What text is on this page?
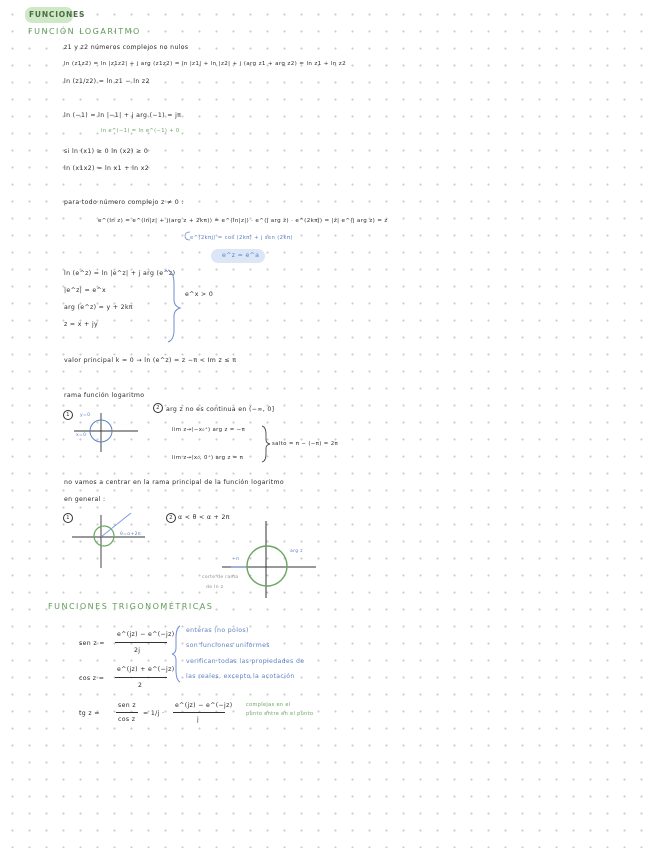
FUNCIONES
FUNCIÓN LOGARITMO
z1 y z2 números complejos no nulos
ln (z1z2) = ln |z1z2| + j arg (z1z2) = ln |z1| + ln |z2| + j (arg z1 + arg z2) = ln z1 + ln z2
ln (z1/z2) = ln z1 − ln z2
ln (−1) = ln |−1| + j arg (−1) = jπ
ln e^(−1) = ln e^(−1) + 0
si ln (x1) ≥ 0 ln (x2) ≥ 0
ln (x1x2) = ln x1 + ln x2
para todo número complejo z ≠ 0 :
e^(ln z) = e^(ln|z| + j(arg z + 2kπ)) = e^(ln|z|) · e^(j arg z) · e^(2kπj) = |z| e^(j arg z) = z
e^(2kπj) = cos (2kπ) + j sen (2kπ)
e^z = e^a
ln (e^z) = ln |e^z| + j arg (e^z)
|e^z| = e^x
arg (e^z) = y + 2kπ
z = x + jy
e^x > 0
valor principal k = 0 → ln (e^z) = z −π < Im z ≤ π
rama función logaritmo
arg z no es continua en (−∞, 0]
lim z→(−x₀⁺) arg z = −π
lim z→(x₀, 0⁺) arg z = π
salto = π − (−π) = 2π
no vamos a centrar en la rama principal de la función logaritmo
en general :
α < θ < α + 2π
1
2
1	2
y=0
x=0
θ=α+2π
arg z
−π
corte de rama
de ln z
FUNCIONES TRIGONOMÉTRICAS
sen z =
e^(jz) − e^(−jz)
2j
cos z =
e^(jz) + e^(−jz)
2
enteras (no polos)
son funciones uniformes
verifican todas las propiedades de
las reales, excepto la acotación
tg z =
sen z
cos z
= 1/j ·
e^(jz) − e^(−jz)
j
complejas en el
punto entre en el punto
